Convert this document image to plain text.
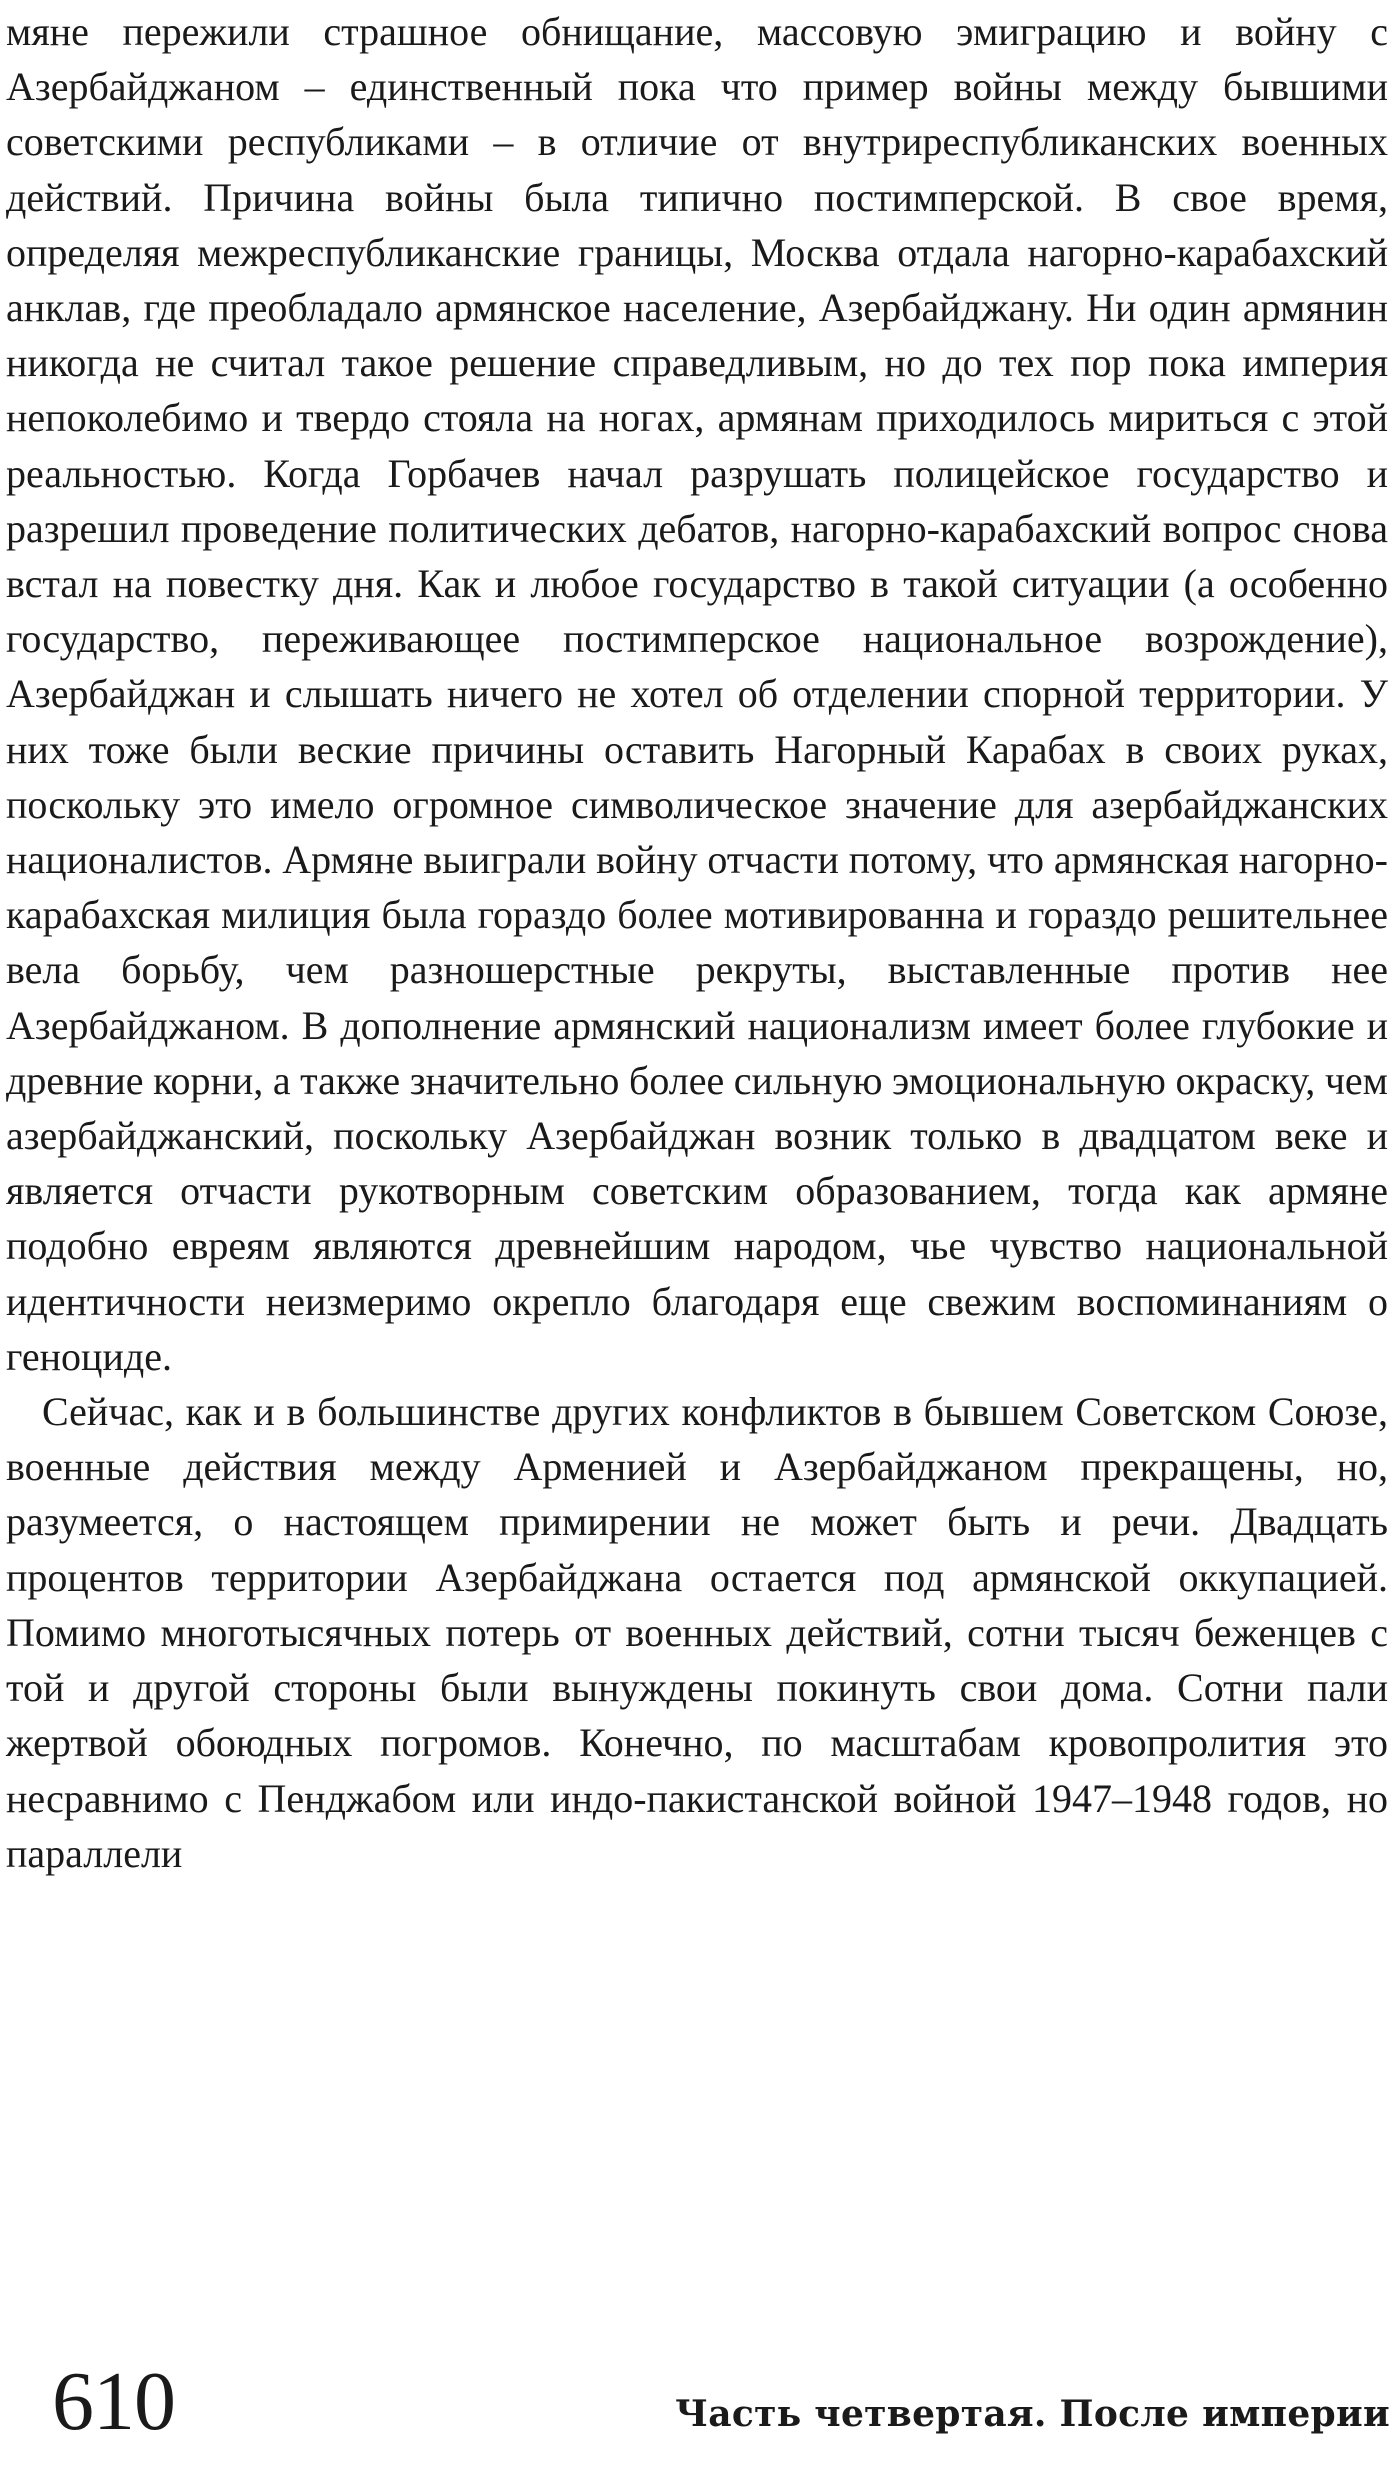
мяне пережили страшное обнищание, массовую эмиграцию и войну с Азербайджаном – единственный пока что пример войны между бывшими советскими республиками – в отличие от внутриреспубликанских военных действий. Причина войны была типично постимперской. В свое время, определяя межреспубликанские границы, Москва отдала нагорно-карабахский анклав, где преобладало армянское население, Азербайджану. Ни один армянин никогда не считал такое решение справедливым, но до тех пор пока империя непоколебимо и твердо стояла на ногах, армянам приходилось мириться с этой реальностью. Когда Горбачев начал разрушать полицейское государство и разрешил проведение политических дебатов, нагорно-карабахский вопрос снова встал на повестку дня. Как и любое государство в такой ситуации (а особенно государство, переживающее постимперское национальное возрождение), Азербайджан и слышать ничего не хотел об отделении спорной территории. У них тоже были веские причины оставить Нагорный Карабах в своих руках, поскольку это имело огромное символическое значение для азербайджанских националистов. Армяне выиграли войну отчасти потому, что армянская нагорно-карабахская милиция была гораздо более мотивированна и гораздо решительнее вела борьбу, чем разношерстные рекруты, выставленные против нее Азербайджаном. В дополнение армянский национализм имеет более глубокие и древние корни, а также значительно более сильную эмоциональную окраску, чем азербайджанский, поскольку Азербайджан возник только в двадцатом веке и является отчасти рукотворным советским образованием, тогда как армяне подобно евреям являются древнейшим народом, чье чувство национальной идентичности неизмеримо окрепло благодаря еще свежим воспоминаниям о геноциде.

Сейчас, как и в большинстве других конфликтов в бывшем Советском Союзе, военные действия между Арменией и Азербайджаном прекращены, но, разумеется, о настоящем примирении не может быть и речи. Двадцать процентов территории Азербайджана остается под армянской оккупацией. Помимо многотысячных потерь от военных действий, сотни тысяч беженцев с той и другой стороны были вынуждены покинуть свои дома. Сотни пали жертвой обоюдных погромов. Конечно, по масштабам кровопролития это несравнимо с Пенджабом или индо-пакистанской войной 1947–1948 годов, но параллели

610	Часть четвертая. После империи
